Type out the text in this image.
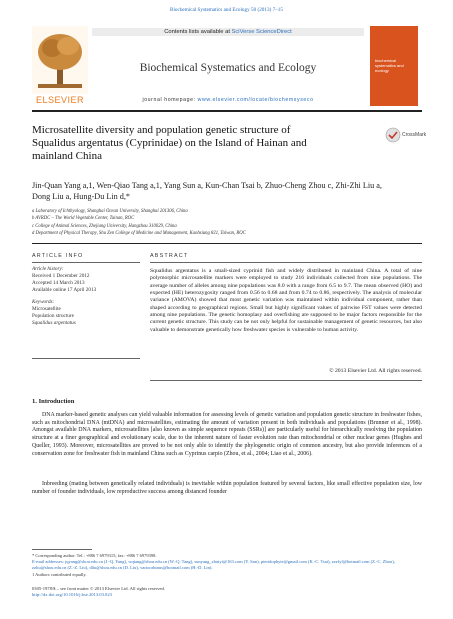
Biochemical Systematics and Ecology 50 (2013) 7–15
ELSEVIER
Contents lists available at SciVerse ScienceDirect
Biochemical Systematics and Ecology
journal homepage: www.elsevier.com/locate/biochemsyseco
biochemical systematics and ecology
Microsatellite diversity and population genetic structure of Squalidus argentatus (Cyprinidae) on the Island of Hainan and mainland China
CrossMark
Jin-Quan Yang a,1, Wen-Qiao Tang a,1, Yang Sun a, Kun-Chan Tsai b, Zhuo-Cheng Zhou c, Zhi-Zhi Liu a, Dong Liu a, Hung-Du Lin d,*
a Laboratory of Ichthyology, Shanghai Ocean University, Shanghai 201306, China
b AVRDC – The World Vegetable Center, Tainan, ROC
c College of Animal Sciences, Zhejiang University, Hangzhou 310029, China
d Department of Physical Therapy, Shu Zen College of Medicine and Management, Kaohsiung 821, Taiwan, ROC
ARTICLE INFO
Article history:
Received 1 December 2012
Accepted 14 March 2013
Available online 17 April 2013
Keywords:
Microsatellite
Population structure
Squalidus argentatus
ABSTRACT
Squalidus argentatus is a small-sized cyprinid fish and widely distributed in mainland China. A total of nine polymorphic microsatellite markers were employed to study 216 individuals collected from nine populations. The average number of alleles among nine populations was 8.0 with a range from 6.5 to 9.7. The mean observed (HO) and expected (HE) heterozygosity ranged from 0.56 to 0.68 and from 0.74 to 0.86, respectively. The analysis of molecular variance (AMOVA) showed that most genetic variation was maintained within individual component, rather than shaped according to geographical regions. Small but highly significant values of pairwise FST values were detected among nine populations. The genetic homoplasy and overfishing are supposed to be major factors responsible for the current genetic structure. This study can be not only helpful for sustainable management of genetic resources, but also valuable to demonstrate genetically how freshwater species is vulnerable to human activity.
© 2013 Elsevier Ltd. All rights reserved.
1. Introduction
DNA marker-based genetic analyses can yield valuable information for assessing levels of genetic variation and population genetic structure in freshwater fishes, such as mitochondrial DNA (mtDNA) and microsatellites, estimating the amount of variation present in both individuals and populations (Brunner et al., 1998). Amongst available DNA markers, microsatellites [also known as simple sequence repeats (SSRs)] are particularly useful for hierarchically resolving the population structure at a finer geographical and evolutionary scale, due to the inherent nature of faster evolution rate than mitochondrial or other nuclear genes (Hughes and Queller, 1993). Moreover, microsatellites are proved to be not only able to identify the phylogenetic origin of common ancestry, but also provide inferences of a conservation zone for freshwater fish in mainland China such as Cyprinus carpio (Zhou, et al., 2004; Liao et al., 2006).
Inbreeding (mating between genetically related individuals) is inevitable within population featured by several factors, like small effective population size, low number of founder individuals, low reproductive success among distanced founder
* Corresponding author. Tel.: +886 7 6979315; fax: +886 7 6979398.
E-mail addresses: jqyang@shou.edu.cn (J.-Q. Yang), wqtang@shou.edu.cn (W.-Q. Tang), sunyang_zhuiyi@163.com (Y. Sun), ptertdophyte@gmail.com (K.-C. Tsai), zzzfyl@hotmail.com (Z.-C. Zhou), zzliu@shou.edu.cn (Z.-Z. Liu), dliu@shou.edu.cn (D. Liu), varioorbinus@hotmail.com (H.-D. Lin).
1 Authors contributed equally.
0305-1978/$ – see front matter © 2013 Elsevier Ltd. All rights reserved.
http://dx.doi.org/10.1016/j.bse.2013.03.023
